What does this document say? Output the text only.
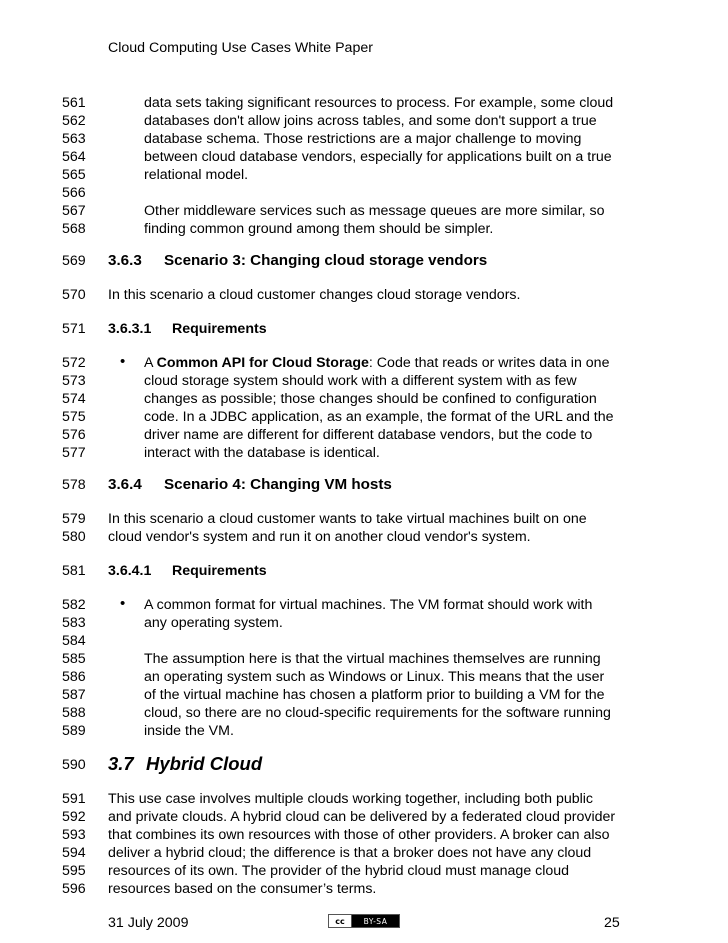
Cloud Computing Use Cases White Paper
561	data sets taking significant resources to process. For example, some cloud
562	databases don't allow joins across tables, and some don't support a true
563	database schema. Those restrictions are a major challenge to moving
564	between cloud database vendors, especially for applications built on a true
565	relational model.
566
567	Other middleware services such as message queues are more similar, so
568	finding common ground among them should be simpler.
569 3.6.3 Scenario 3: Changing cloud storage vendors
570 In this scenario a cloud customer changes cloud storage vendors.
571 3.6.3.1 Requirements
572 • A Common API for Cloud Storage: Code that reads or writes data in one
573	cloud storage system should work with a different system with as few
574	changes as possible; those changes should be confined to configuration
575	code. In a JDBC application, as an example, the format of the URL and the
576	driver name are different for different database vendors, but the code to
577	interact with the database is identical.
578 3.6.4 Scenario 4: Changing VM hosts
579 In this scenario a cloud customer wants to take virtual machines built on one
580 cloud vendor's system and run it on another cloud vendor's system.
581 3.6.4.1 Requirements
582 • A common format for virtual machines. The VM format should work with
583	any operating system.
584
585	The assumption here is that the virtual machines themselves are running
586	an operating system such as Windows or Linux. This means that the user
587	of the virtual machine has chosen a platform prior to building a VM for the
588	cloud, so there are no cloud-specific requirements for the software running
589	inside the VM.
590 3.7 Hybrid Cloud
591 This use case involves multiple clouds working together, including both public
592 and private clouds. A hybrid cloud can be delivered by a federated cloud provider
593 that combines its own resources with those of other providers. A broker can also
594 deliver a hybrid cloud; the difference is that a broker does not have any cloud
595 resources of its own. The provider of the hybrid cloud must manage cloud
596 resources based on the consumer’s terms.
31 July 2009	cc	BY-SA	25
